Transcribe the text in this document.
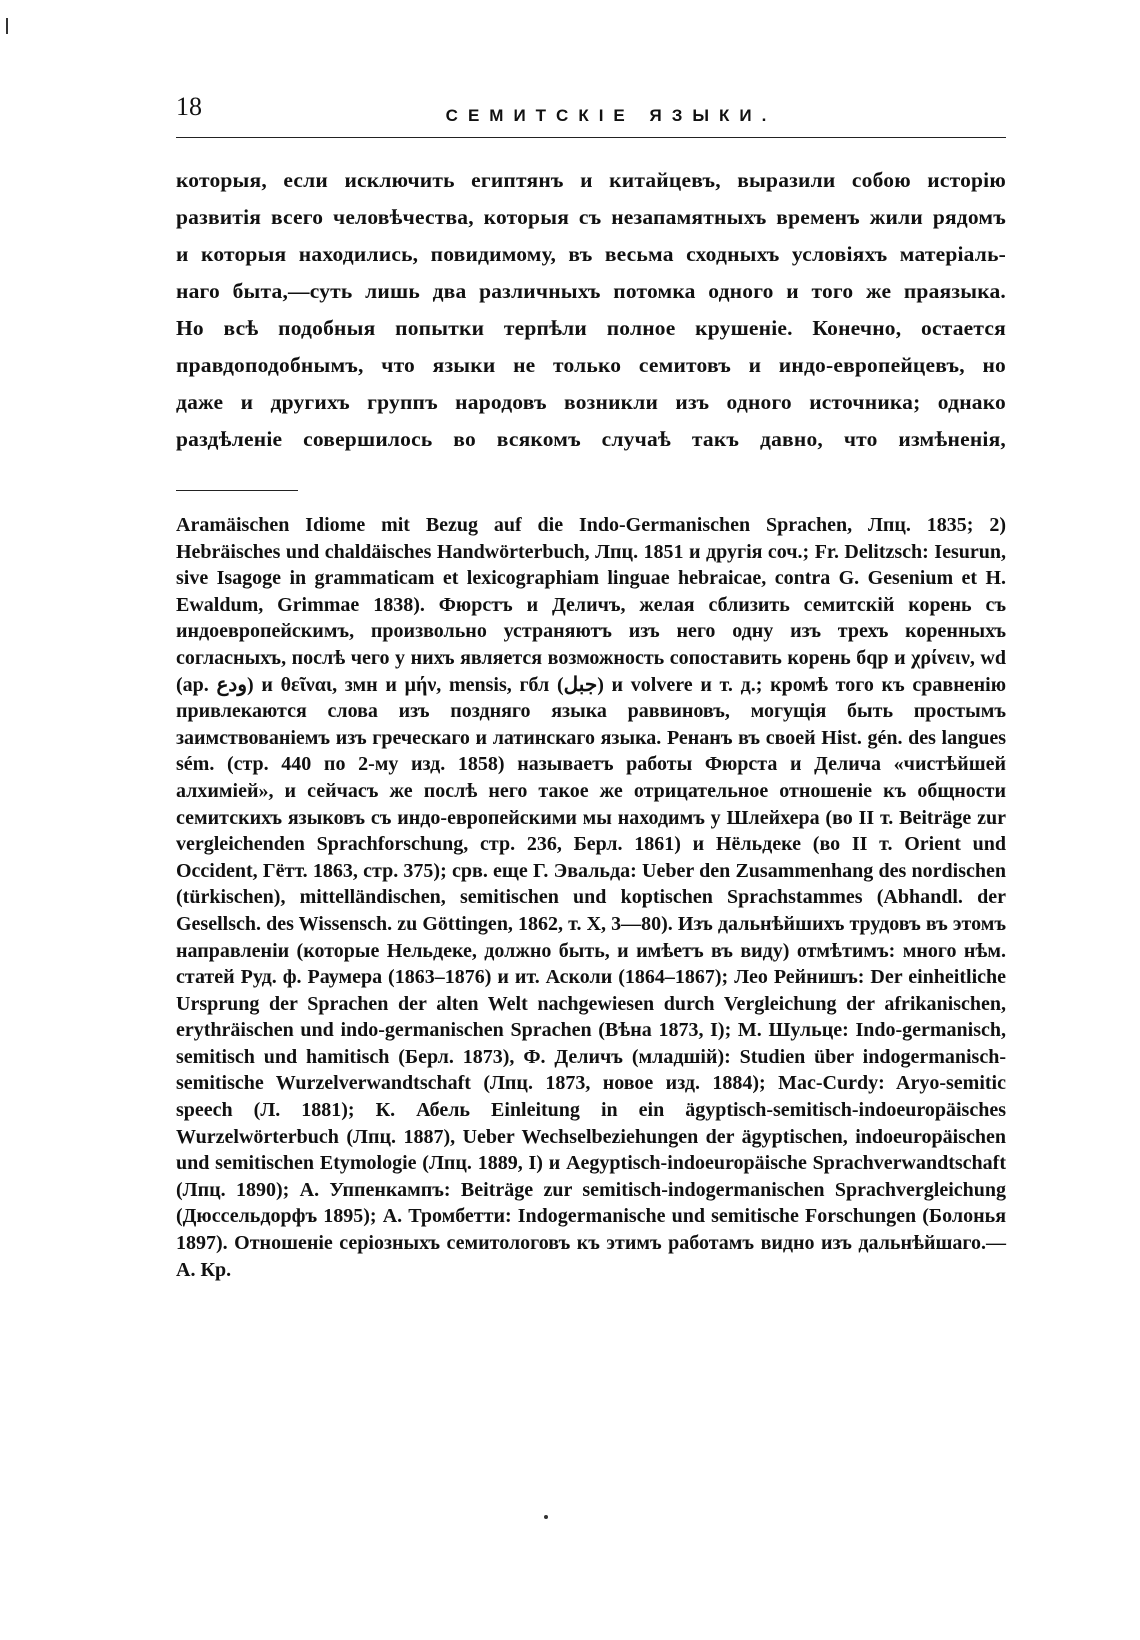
18	СЕМИТСКІЕ ЯЗЫКИ.
которыя, если исключить египтянъ и китайцевъ, выразили собою исторію
развитія всего человѣчества, которыя съ незапамятныхъ временъ жили рядомъ
и которыя находились, повидимому, въ весьма сходныхъ условіяхъ матеріаль-
наго быта,—суть лишь два различныхъ потомка одного и того же праязыка.
Но всѣ подобныя попытки терпѣли полное крушеніе. Конечно, остается
правдоподобнымъ, что языки не только семитовъ и индо-европейцевъ, но
даже и другихъ группъ народовъ возникли изъ одного источника; однако
раздѣленіе совершилось во всякомъ случаѣ такъ давно, что измѣненія,
Aramäischen Idiome mit Bezug auf die Indo-Germanischen Sprachen, Лпц. 1835; 2) Hebräisches und chaldäisches Handwörterbuch, Лпц. 1851 и другія соч.; Fr. Delitzsch: Iesurun, sive Isagoge in grammaticam et lexicographiam linguae hebraicae, contra G. Gesenium et H. Ewaldum, Grimmae 1838). Фюрстъ и Деличъ, желая сблизить семитскій корень съ индоевропейскимъ, произвольно устраняютъ изъ него одну изъ трехъ коренныхъ согласныхъ, послѣ чего у нихъ является возможность сопоставить корень бqр и χρίνειν, wd (ар. ودع) и θεῖναι, змн и μήν, mensis, гбл (جبل) и volvere и т. д.; кромѣ того къ сравненію привлекаются слова изъ поздняго языка раввиновъ, могущія быть простымъ заимствованіемъ изъ греческаго и латинскаго языка. Ренанъ въ своей Hist. gén. des langues sém. (стр. 440 по 2-му изд. 1858) называетъ работы Фюрста и Делича «чистѣйшей алхиміей», и сейчасъ же послѣ него такое же отрицательное отношеніе къ общности семитскихъ языковъ съ индо-европейскими мы находимъ у Шлейхера (во II т. Beiträge zur vergleichenden Sprachforschung, стр. 236, Берл. 1861) и Нёльдеке (во II т. Orient und Occident, Гётт. 1863, стр. 375); срв. еще Г. Эвальда: Ueber den Zusammenhang des nordischen (türkischen), mittelländischen, semitischen und koptischen Sprachstammes (Abhandl. der Gesellsch. des Wissensch. zu Göttingen, 1862, т. X, 3—80). Изъ дальнѣйшихъ трудовъ въ этомъ направленіи (которые Нельдеке, должно быть, и имѣетъ въ виду) отмѣтимъ: много нѣм. статей Руд. ф. Раумера (1863–1876) и ит. Асколи (1864–1867); Лео Рейнишъ: Der einheitliche Ursprung der Sprachen der alten Welt nachgewiesen durch Vergleichung der afrikanischen, erythräischen und indo-germanischen Sprachen (Вѣна 1873, I); М. Шульце: Indo-germanisch, semitisch und hamitisch (Берл. 1873), Ф. Деличъ (младшій): Studien über indogermanisch-semitische Wurzelverwandtschaft (Лпц. 1873, новое изд. 1884); Mac-Curdy: Aryo-semitic speech (Л. 1881); К. Абель Einleitung in ein ägyptisch-semitisch-indoeuropäisches Wurzelwörterbuch (Лпц. 1887), Ueber Wechselbeziehungen der ägyptischen, indoeuropäischen und semitischen Etymologie (Лпц. 1889, I) и Aegyptisch-indoeuropäische Sprachverwandtschaft (Лпц. 1890); А. Уппенкампъ: Beiträge zur semitisch-indogermanischen Sprachvergleichung (Дюссельдорфъ 1895); А. Тромбетти: Indogermanische und semitische Forschungen (Болонья 1897). Отношеніе серіозныхъ семитологовъ къ этимъ работамъ видно изъ дальнѣйшаго.—А. Кр.
